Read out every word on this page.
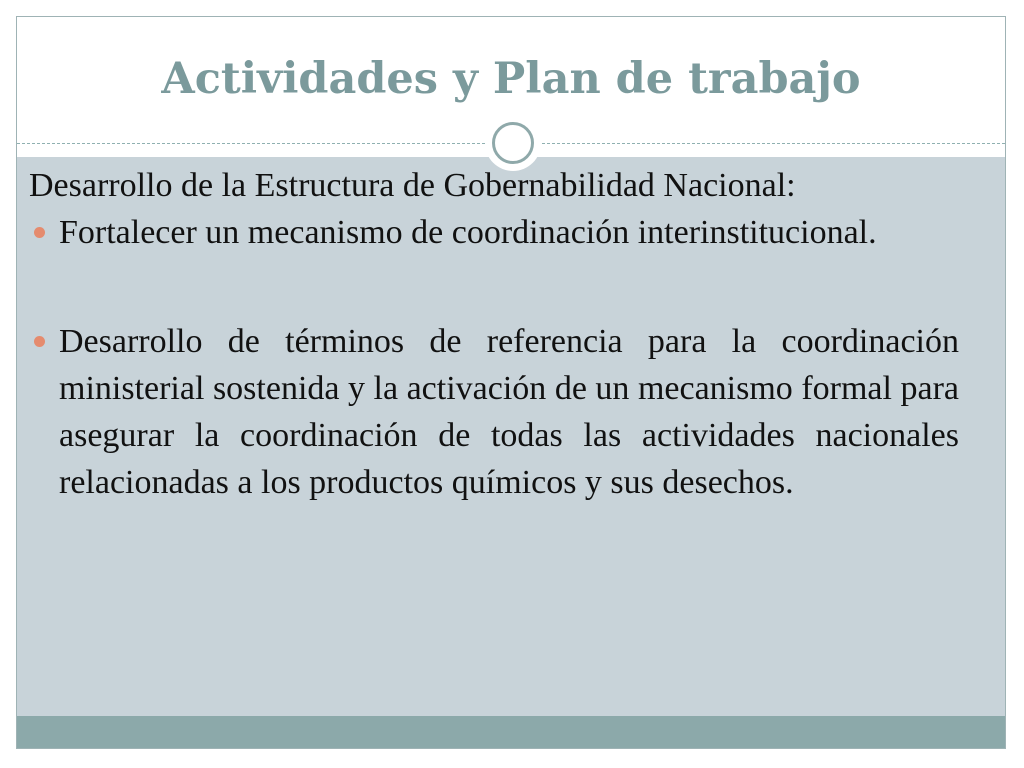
Actividades y Plan de trabajo

Desarrollo de la Estructura de Gobernabilidad Nacional:

Fortalecer un mecanismo de coordinación interinstitucional.

Desarrollo de términos de referencia para la coordinación ministerial sostenida y la activación de un mecanismo formal para asegurar la coordinación de todas las actividades nacionales relacionadas a los productos químicos y sus desechos.
